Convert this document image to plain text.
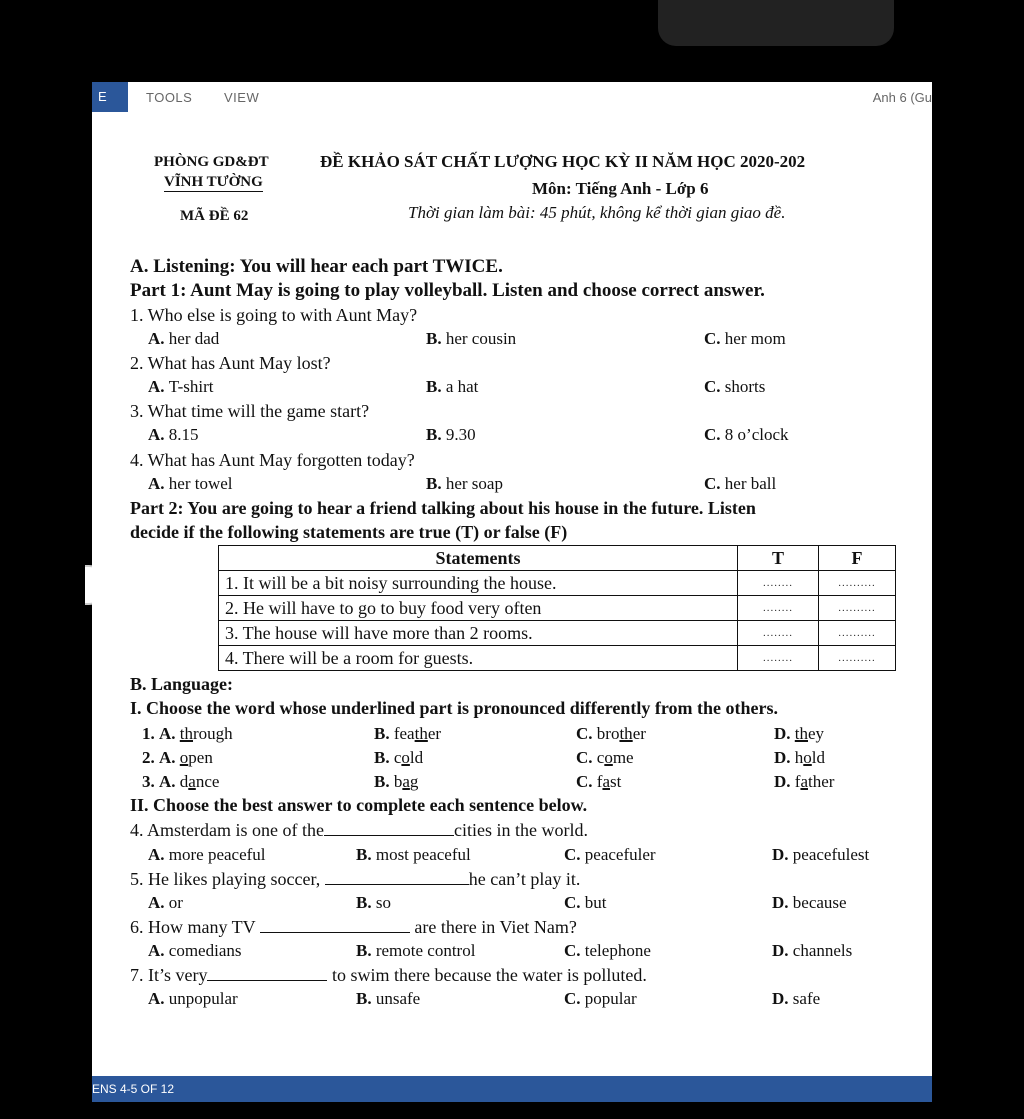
E	TOOLS VIEW	Anh 6 (Gu
PHÒNG GD&ĐT
VĨNH TƯỜNG
MÃ ĐỀ 62
ĐỀ KHẢO SÁT CHẤT LƯỢNG HỌC KỲ II NĂM HỌC 2020-202
Môn: Tiếng Anh - Lớp 6
Thời gian làm bài: 45 phút, không kể thời gian giao đề.
A. Listening: You will hear each part TWICE.
Part 1: Aunt May is going to play volleyball. Listen and choose correct answer.
1. Who else is going to with Aunt May?
A. her dad	B. her cousin	C. her mom
2. What has Aunt May lost?
A. T-shirt	B. a hat	C. shorts
3. What time will the game start?
A. 8.15	B. 9.30	C. 8 o’clock
4. What has Aunt May forgotten today?
A. her towel	B. her soap	C. her ball
Part 2: You are going to hear a friend talking about his house in the future. Listen
decide if the following statements are true (T) or false (F)
Statements	T	F
1. It will be a bit noisy surrounding the house.	........	..........
2. He will have to go to buy food very often	........	..........
3. The house will have more than 2 rooms.	........	..........
4. There will be a room for guests.	........	..........
B. Language:
I. Choose the word whose underlined part is pronounced differently from the others.
1. A. through	B. feather	C. brother	D. they
2. A. open	B. cold	C. come	D. hold
3. A. dance	B. bag	C. fast	D. father
II. Choose the best answer to complete each sentence below.
4. Amsterdam is one of the	cities in the world.
A. more peaceful	B. most peaceful	C. peacefuler	D. peacefulest
5. He likes playing soccer,	he can’t play it.
A. or	B. so	C. but	D. because
6. How many TV	are there in Viet Nam?
A. comedians	B. remote control	C. telephone	D. channels
7. It’s very	to swim there because the water is polluted.
A. unpopular	B. unsafe	C. popular	D. safe
ENS 4-5 OF 12
